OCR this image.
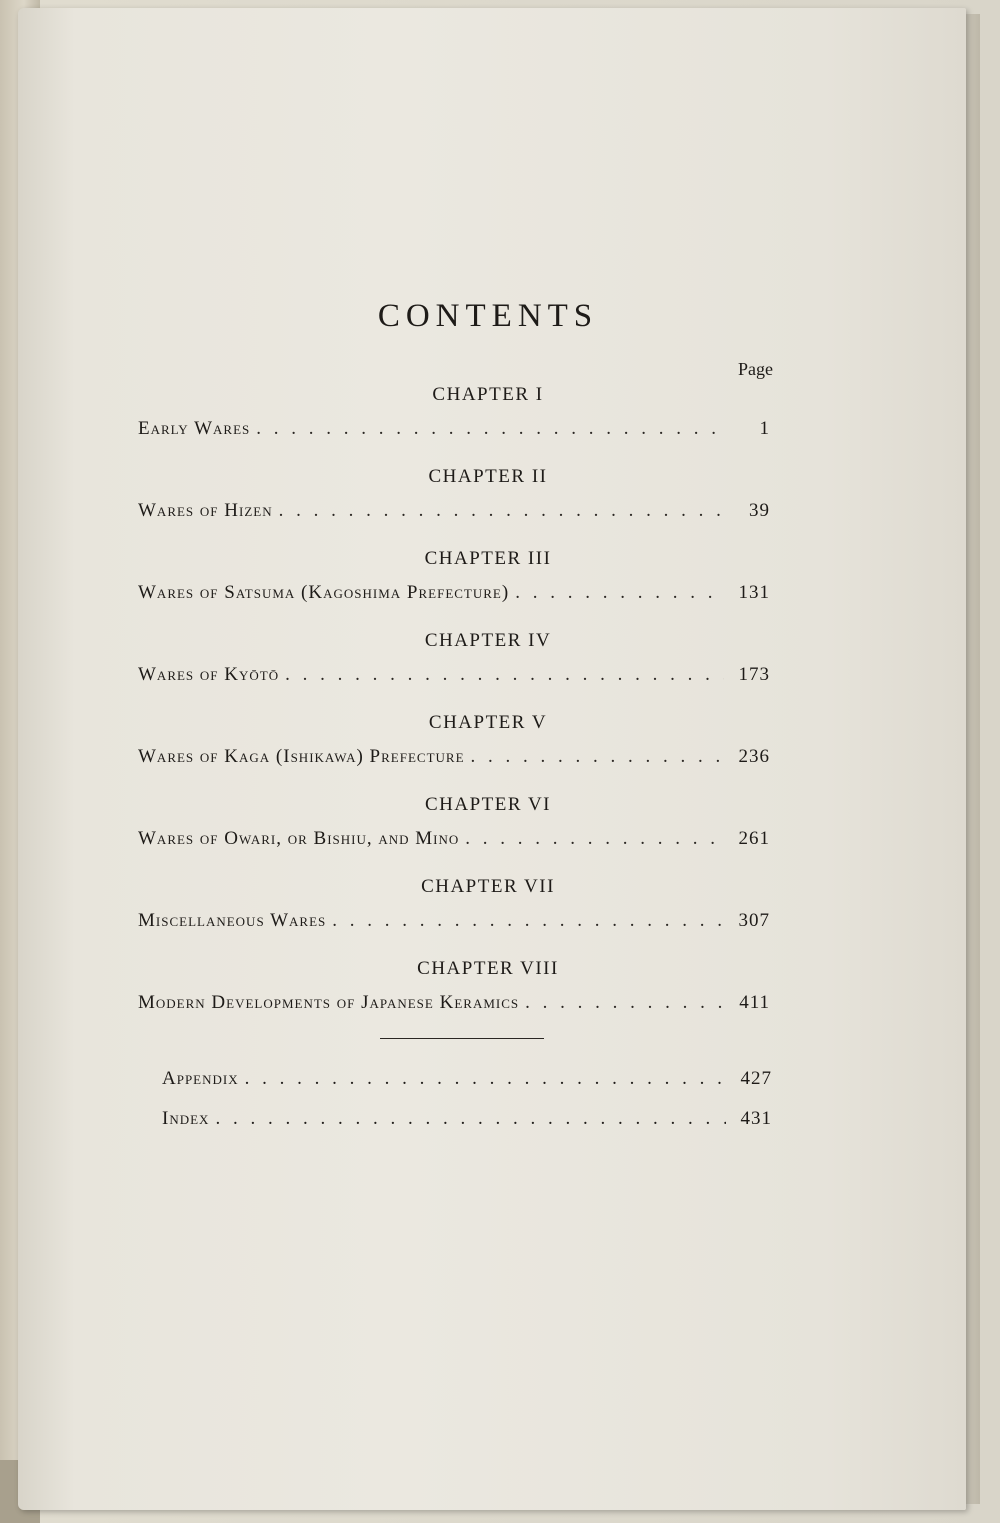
CONTENTS
Page
CHAPTER I
Early Wares . . .	1
CHAPTER II
Wares of Hizen . . .	39
CHAPTER III
Wares of Satsuma (Kagoshima Prefecture) . . .	131
CHAPTER IV
Wares of Kyōtō . . .	173
CHAPTER V
Wares of Kaga (Ishikawa) Prefecture . . .	236
CHAPTER VI
Wares of Owari, or Bishiu, and Mino . . .	261
CHAPTER VII
Miscellaneous Wares . . .	307
CHAPTER VIII
Modern Developments of Japanese Keramics . . .	411
Appendix . . .	427
Index . . .	431
